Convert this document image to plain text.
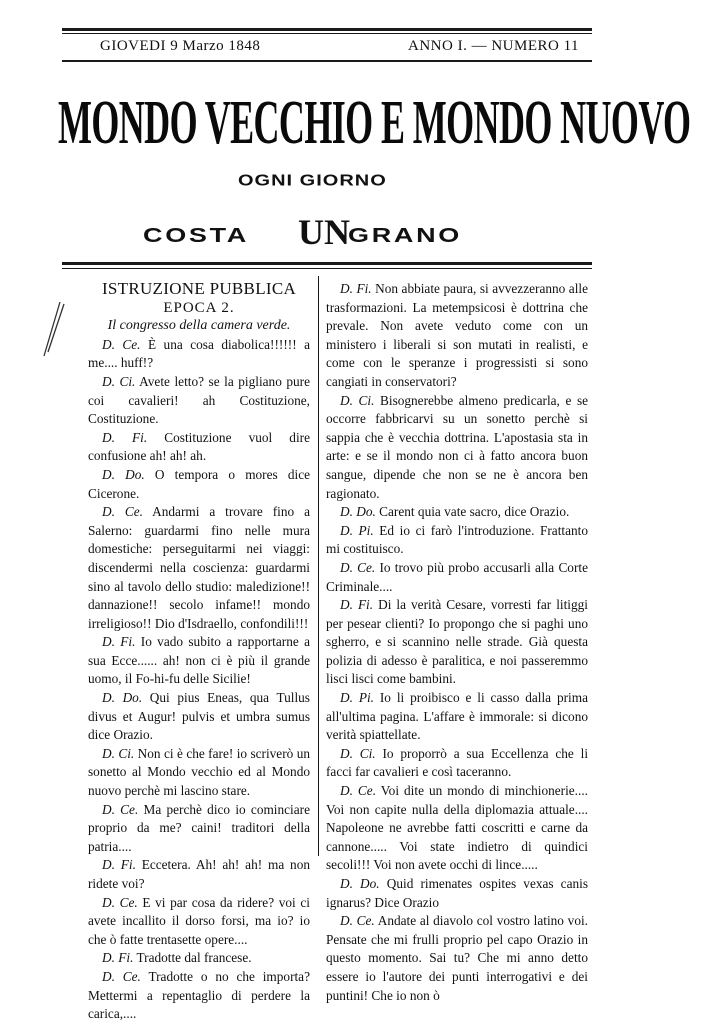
GIOVEDI 9 Marzo 1848	ANNO I. — NUMERO 11
MONDO VECCHIO E MONDO NUOVO
OGNI GIORNO
COSTA UN
GRANO

ISTRUZIONE PUBBLICA

EPOCA 2.

Il congresso della camera verde.

D. Ce. È una cosa diabolica!!!!!! a me.... huff!?

D. Ci. Avete letto? se la pigliano pure coi cavalieri! ah Costituzione, Costituzione.

D. Fi. Costituzione vuol dire confusione ah! ah! ah.

D. Do. O tempora o mores dice Cicerone.

D. Ce. Andarmi a trovare fino a Salerno: guardarmi fino nelle mura domestiche: perseguitarmi nei viaggi: discendermi nella coscienza: guardarmi sino al tavolo dello studio: maledizione!! dannazione!! secolo infame!! mondo irreligioso!! Dio d'Isdraello, confondili!!!

D. Fi. Io vado subito a rapportarne a sua Ecce...... ah! non ci è più il grande uomo, il Fo-hi-fu delle Sicilie!

D. Do. Qui pius Eneas, qua Tullus divus et Augur! pulvis et umbra sumus dice Orazio.

D. Ci. Non ci è che fare! io scriverò un sonetto al Mondo vecchio ed al Mondo nuovo perchè mi lascino stare.

D. Ce. Ma perchè dico io cominciare proprio da me? caini! traditori della patria....

D. Fi. Eccetera. Ah! ah! ah! ma non ridete voi?

D. Ce. E vi par cosa da ridere? voi ci avete incallito il dorso forsi, ma io? io che ò fatte trentasette opere....

D. Fi. Tradotte dal francese.

D. Ce. Tradotte o no che importa? Mettermi a repentaglio di perdere la carica,....

D. Fi. Non abbiate paura, si avvezzeranno alle trasformazioni. La metempsicosi è dottrina che prevale. Non avete veduto come con un ministero i liberali si son mutati in realisti, e come con le speranze i progressisti si sono cangiati in conservatori?

D. Ci. Bisognerebbe almeno predicarla, e se occorre fabbricarvi su un sonetto perchè si sappia che è vecchia dottrina. L'apostasia sta in arte: e se il mondo non ci à fatto ancora buon sangue, dipende che non se ne è ancora ben ragionato.

D. Do. Carent quia vate sacro, dice Orazio.

D. Pi. Ed io ci farò l'introduzione. Frattanto mi costituisco.

D. Ce. Io trovo più probo accusarli alla Corte Criminale....

D. Fi. Di la verità Cesare, vorresti far litiggi per pesear clienti? Io propongo che si paghi uno sgherro, e si scannino nelle strade. Già questa polizia di adesso è paralitica, e noi passeremmo lisci lisci come bambini.

D. Pi. Io li proibisco e li casso dalla prima all'ultima pagina. L'affare è immorale: si dicono verità spiattellate.

D. Ci. Io proporrò a sua Eccellenza che li facci far cavalieri e così taceranno.

D. Ce. Voi dite un mondo di minchionerie.... Voi non capite nulla della diplomazia attuale.... Napoleone ne avrebbe fatti coscritti e carne da cannone..... Voi state indietro di quindici secoli!!! Voi non avete occhi di lince.....

D. Do. Quid rimenates ospites vexas canis ignarus? Dice Orazio

D. Ce. Andate al diavolo col vostro latino voi. Pensate che mi frulli proprio pel capo Orazio in questo momento. Sai tu? Che mi anno detto essere io l'autore dei punti interrogativi e dei puntini! Che io non ò
